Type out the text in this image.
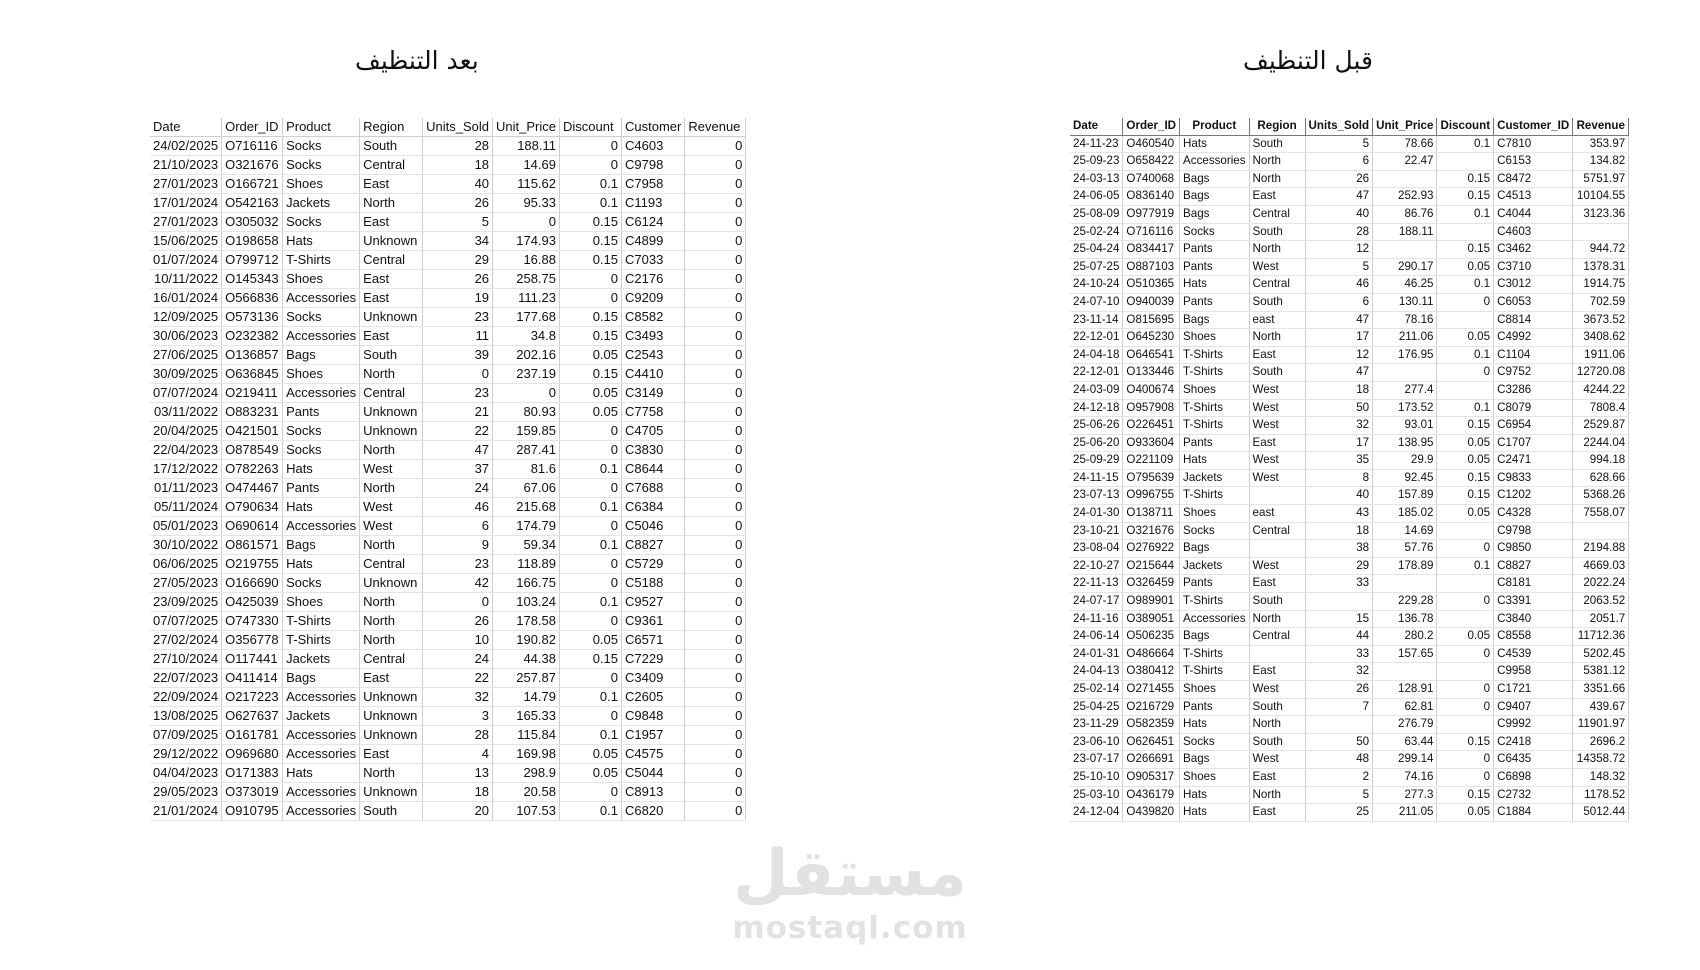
بعد التنظيف	قبل التنظيف
Date	Order_ID	Product	Region	Units_Sold	Unit_Price	Discount	Customer	Revenue
24/02/2025	O716116	Socks	South	28	188.11	0	C4603	0
21/10/2023	O321676	Socks	Central	18	14.69	0	C9798	0
27/01/2023	O166721	Shoes	East	40	115.62	0.1	C7958	0
17/01/2024	O542163	Jackets	North	26	95.33	0.1	C1193	0
27/01/2023	O305032	Socks	East	5	0	0.15	C6124	0
15/06/2025	O198658	Hats	Unknown	34	174.93	0.15	C4899	0
01/07/2024	O799712	T-Shirts	Central	29	16.88	0.15	C7033	0
10/11/2022	O145343	Shoes	East	26	258.75	0	C2176	0
16/01/2024	O566836	Accessories	East	19	111.23	0	C9209	0
12/09/2025	O573136	Socks	Unknown	23	177.68	0.15	C8582	0
30/06/2023	O232382	Accessories	East	11	34.8	0.15	C3493	0
27/06/2025	O136857	Bags	South	39	202.16	0.05	C2543	0
30/09/2025	O636845	Shoes	North	0	237.19	0.15	C4410	0
07/07/2024	O219411	Accessories	Central	23	0	0.05	C3149	0
03/11/2022	O883231	Pants	Unknown	21	80.93	0.05	C7758	0
20/04/2025	O421501	Socks	Unknown	22	159.85	0	C4705	0
22/04/2023	O878549	Socks	North	47	287.41	0	C3830	0
17/12/2022	O782263	Hats	West	37	81.6	0.1	C8644	0
01/11/2023	O474467	Pants	North	24	67.06	0	C7688	0
05/11/2024	O790634	Hats	West	46	215.68	0.1	C6384	0
05/01/2023	O690614	Accessories	West	6	174.79	0	C5046	0
30/10/2022	O861571	Bags	North	9	59.34	0.1	C8827	0
06/06/2025	O219755	Hats	Central	23	118.89	0	C5729	0
27/05/2023	O166690	Socks	Unknown	42	166.75	0	C5188	0
23/09/2025	O425039	Shoes	North	0	103.24	0.1	C9527	0
07/07/2025	O747330	T-Shirts	North	26	178.58	0	C9361	0
27/02/2024	O356778	T-Shirts	North	10	190.82	0.05	C6571	0
27/10/2024	O117441	Jackets	Central	24	44.38	0.15	C7229	0
22/07/2023	O411414	Bags	East	22	257.87	0	C3409	0
22/09/2024	O217223	Accessories	Unknown	32	14.79	0.1	C2605	0
13/08/2025	O627637	Jackets	Unknown	3	165.33	0	C9848	0
07/09/2025	O161781	Accessories	Unknown	28	115.84	0.1	C1957	0
29/12/2022	O969680	Accessories	East	4	169.98	0.05	C4575	0
04/04/2023	O171383	Hats	North	13	298.9	0.05	C5044	0
29/05/2023	O373019	Accessories	Unknown	18	20.58	0	C8913	0
21/01/2024	O910795	Accessories	South	20	107.53	0.1	C6820	0
Date	Order_ID	Product	Region	Units_Sold	Unit_Price	Discount	Customer_ID	Revenue
24-11-23	O460540	Hats	South	5	78.66	0.1	C7810	353.97
25-09-23	O658422	Accessories	North	6	22.47		C6153	134.82
24-03-13	O740068	Bags	North	26		0.15	C8472	5751.97
24-06-05	O836140	Bags	East	47	252.93	0.15	C4513	10104.55
25-08-09	O977919	Bags	Central	40	86.76	0.1	C4044	3123.36
25-02-24	O716116	Socks	South	28	188.11		C4603	
25-04-24	O834417	Pants	North	12		0.15	C3462	944.72
25-07-25	O887103	Pants	West	5	290.17	0.05	C3710	1378.31
24-10-24	O510365	Hats	Central	46	46.25	0.1	C3012	1914.75
24-07-10	O940039	Pants	South	6	130.11	0	C6053	702.59
23-11-14	O815695	Bags	east	47	78.16		C8814	3673.52
22-12-01	O645230	Shoes	North	17	211.06	0.05	C4992	3408.62
24-04-18	O646541	T-Shirts	East	12	176.95	0.1	C1104	1911.06
22-12-01	O133446	T-Shirts	South	47		0	C9752	12720.08
24-03-09	O400674	Shoes	West	18	277.4		C3286	4244.22
24-12-18	O957908	T-Shirts	West	50	173.52	0.1	C8079	7808.4
25-06-26	O226451	T-Shirts	West	32	93.01	0.15	C6954	2529.87
25-06-20	O933604	Pants	East	17	138.95	0.05	C1707	2244.04
25-09-29	O221109	Hats	West	35	29.9	0.05	C2471	994.18
24-11-15	O795639	Jackets	West	8	92.45	0.15	C9833	628.66
23-07-13	O996755	T-Shirts		40	157.89	0.15	C1202	5368.26
24-01-30	O138711	Shoes	east	43	185.02	0.05	C4328	7558.07
23-10-21	O321676	Socks	Central	18	14.69		C9798	
23-08-04	O276922	Bags		38	57.76	0	C9850	2194.88
22-10-27	O215644	Jackets	West	29	178.89	0.1	C8827	4669.03
22-11-13	O326459	Pants	East	33			C8181	2022.24
24-07-17	O989901	T-Shirts	South		229.28	0	C3391	2063.52
24-11-16	O389051	Accessories	North	15	136.78		C3840	2051.7
24-06-14	O506235	Bags	Central	44	280.2	0.05	C8558	11712.36
24-01-31	O486664	T-Shirts		33	157.65	0	C4539	5202.45
24-04-13	O380412	T-Shirts	East	32			C9958	5381.12
25-02-14	O271455	Shoes	West	26	128.91	0	C1721	3351.66
25-04-25	O216729	Pants	South	7	62.81	0	C9407	439.67
23-11-29	O582359	Hats	North		276.79		C9992	11901.97
23-06-10	O626451	Socks	South	50	63.44	0.15	C2418	2696.2
23-07-17	O266691	Bags	West	48	299.14	0	C6435	14358.72
25-10-10	O905317	Shoes	East	2	74.16	0	C6898	148.32
25-03-10	O436179	Hats	North	5	277.3	0.15	C2732	1178.52
24-12-04	O439820	Hats	East	25	211.05	0.05	C1884	5012.44
مستقل
mostaql.com
